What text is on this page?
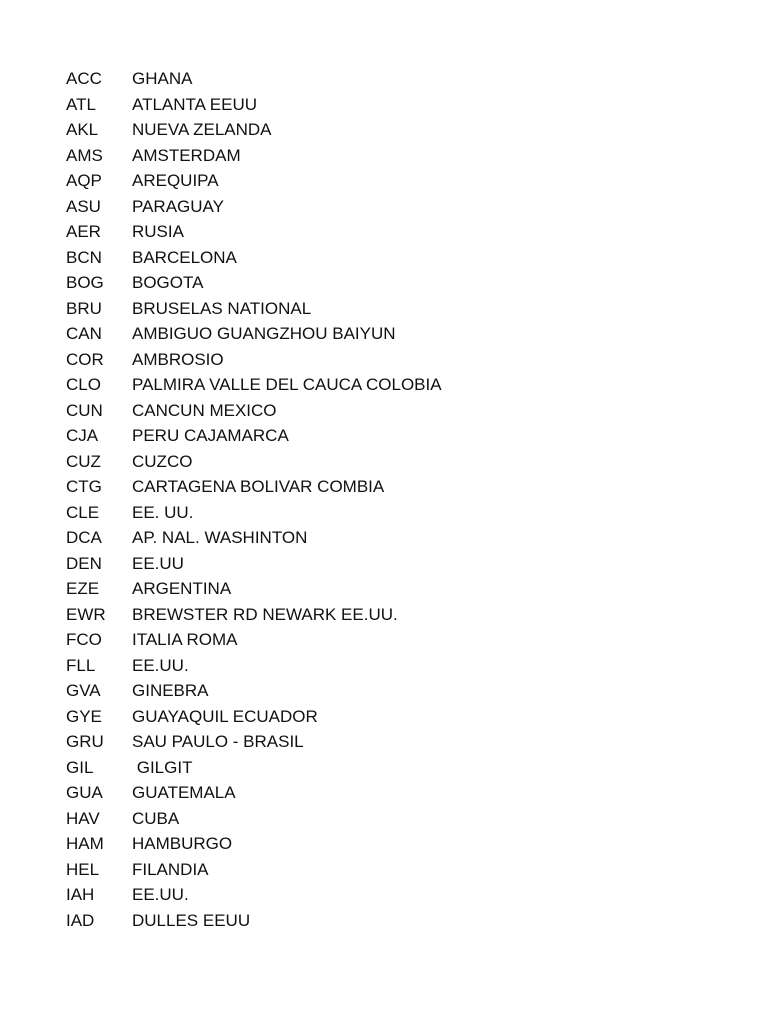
ACC	GHANA
ATL	ATLANTA EEUU
AKL	NUEVA ZELANDA
AMS	AMSTERDAM
AQP	AREQUIPA
ASU	PARAGUAY
AER	RUSIA
BCN	BARCELONA
BOG	BOGOTA
BRU	BRUSELAS NATIONAL
CAN	AMBIGUO GUANGZHOU BAIYUN
COR	AMBROSIO
CLO	PALMIRA VALLE DEL CAUCA COLOBIA
CUN	CANCUN MEXICO
CJA	PERU CAJAMARCA
CUZ	CUZCO
CTG	CARTAGENA BOLIVAR COMBIA
CLE	EE. UU.
DCA	AP. NAL. WASHINTON
DEN	EE.UU
EZE	ARGENTINA
EWR	BREWSTER RD NEWARK EE.UU.
FCO	ITALIA ROMA
FLL	EE.UU.
GVA	GINEBRA
GYE	GUAYAQUIL ECUADOR
GRU	SAU PAULO - BRASIL
GIL	GILGIT
GUA	GUATEMALA
HAV	CUBA
HAM	HAMBURGO
HEL	FILANDIA
IAH	EE.UU.
IAD	DULLES EEUU
